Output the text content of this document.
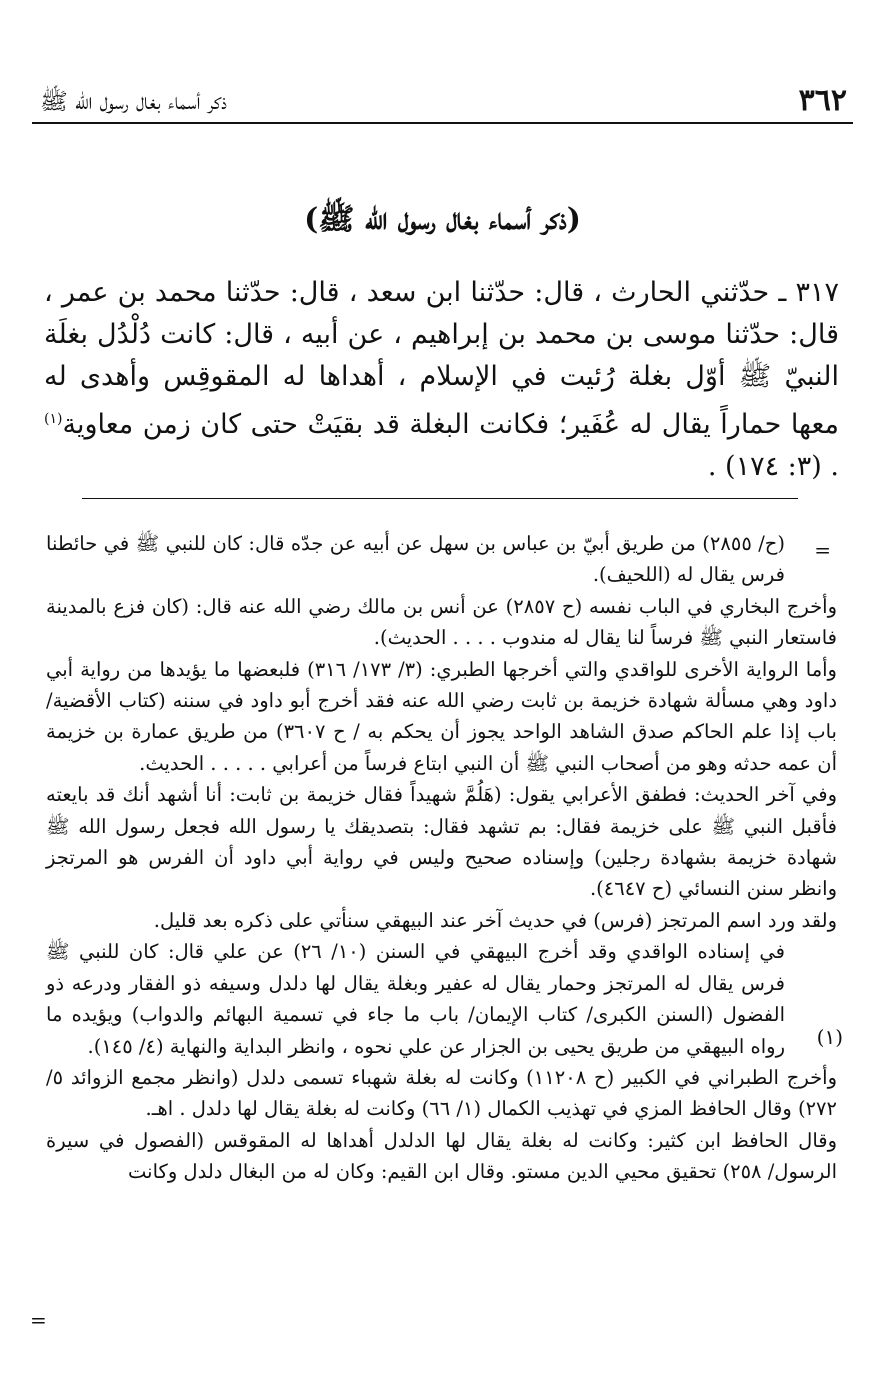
٣٦٢
ذكر أسماء بغال رسول الله ﷺ
(ذكر أسماء بغال رسول الله ﷺ)
٣١٧ ـ حدّثني الحارث ، قال: حدّثنا ابن سعد ، قال: حدّثنا محمد بن عمر ، قال: حدّثنا موسى بن محمد بن إبراهيم ، عن أبيه ، قال: كانت دُلْدُل بغلَة النبيّ ﷺ أوّل بغلة رُئيت في الإسلام ، أهداها له المقوقِس وأهدى له معها حماراً يقال له عُفَير؛ فكانت البغلة قد بقيَتْ حتى كان زمن معاوية$^{(١)}$ . (٣: ١٧٤) .
=
(١)

(ح/ ٢٨٥٥) من طريق أبيّ بن عباس بن سهل عن أبيه عن جدّه قال: كان للنبي ﷺ في حائطنا فرس يقال له (اللحيف).

وأخرج البخاري في الباب نفسه (ح ٢٨٥٧) عن أنس بن مالك رضي الله عنه قال: (كان فزع بالمدينة فاستعار النبي ﷺ فرساً لنا يقال له مندوب . . . . الحديث).

وأما الرواية الأخرى للواقدي والتي أخرجها الطبري: (٣/ ١٧٣/ ٣١٦) فلبعضها ما يؤيدها من رواية أبي داود وهي مسألة شهادة خزيمة بن ثابت رضي الله عنه فقد أخرج أبو داود في سننه (كتاب الأقضية/ باب إذا علم الحاكم صدق الشاهد الواحد يجوز أن يحكم به / ح ٣٦٠٧) من طريق عمارة بن خزيمة أن عمه حدثه وهو من أصحاب النبي ﷺ أن النبي ابتاع فرساً من أعرابي . . . . . الحديث.

وفي آخر الحديث: فطفق الأعرابي يقول: (هَلُمَّ شهيداً فقال خزيمة بن ثابت: أنا أشهد أنك قد بايعته فأقبل النبي ﷺ على خزيمة فقال: بم تشهد فقال: بتصديقك يا رسول الله فجعل رسول الله ﷺ شهادة خزيمة بشهادة رجلين) وإسناده صحيح وليس في رواية أبي داود أن الفرس هو المرتجز وانظر سنن النسائي (ح ٤٦٤٧).

ولقد ورد اسم المرتجز (فرس) في حديث آخر عند البيهقي سنأتي على ذكره بعد قليل.

في إسناده الواقدي وقد أخرج البيهقي في السنن (١٠/ ٢٦) عن علي قال: كان للنبي ﷺ فرس يقال له المرتجز وحمار يقال له عفير وبغلة يقال لها دلدل وسيفه ذو الفقار ودرعه ذو الفضول (السنن الكبرى/ كتاب الإيمان/ باب ما جاء في تسمية البهائم والدواب) ويؤيده ما رواه البيهقي من طريق يحيى بن الجزار عن علي نحوه ، وانظر البداية والنهاية (٤/ ١٤٥).

وأخرج الطبراني في الكبير (ح ١١٢٠٨) وكانت له بغلة شهباء تسمى دلدل (وانظر مجمع الزوائد ٥/ ٢٧٢) وقال الحافظ المزي في تهذيب الكمال (١/ ٦٦) وكانت له بغلة يقال لها دلدل . اهـ.

وقال الحافظ ابن كثير: وكانت له بغلة يقال لها الدلدل أهداها له المقوقس (الفصول في سيرة الرسول/ ٢٥٨) تحقيق محيي الدين مستو. وقال ابن القيم: وكان له من البغال دلدل وكانت

=
